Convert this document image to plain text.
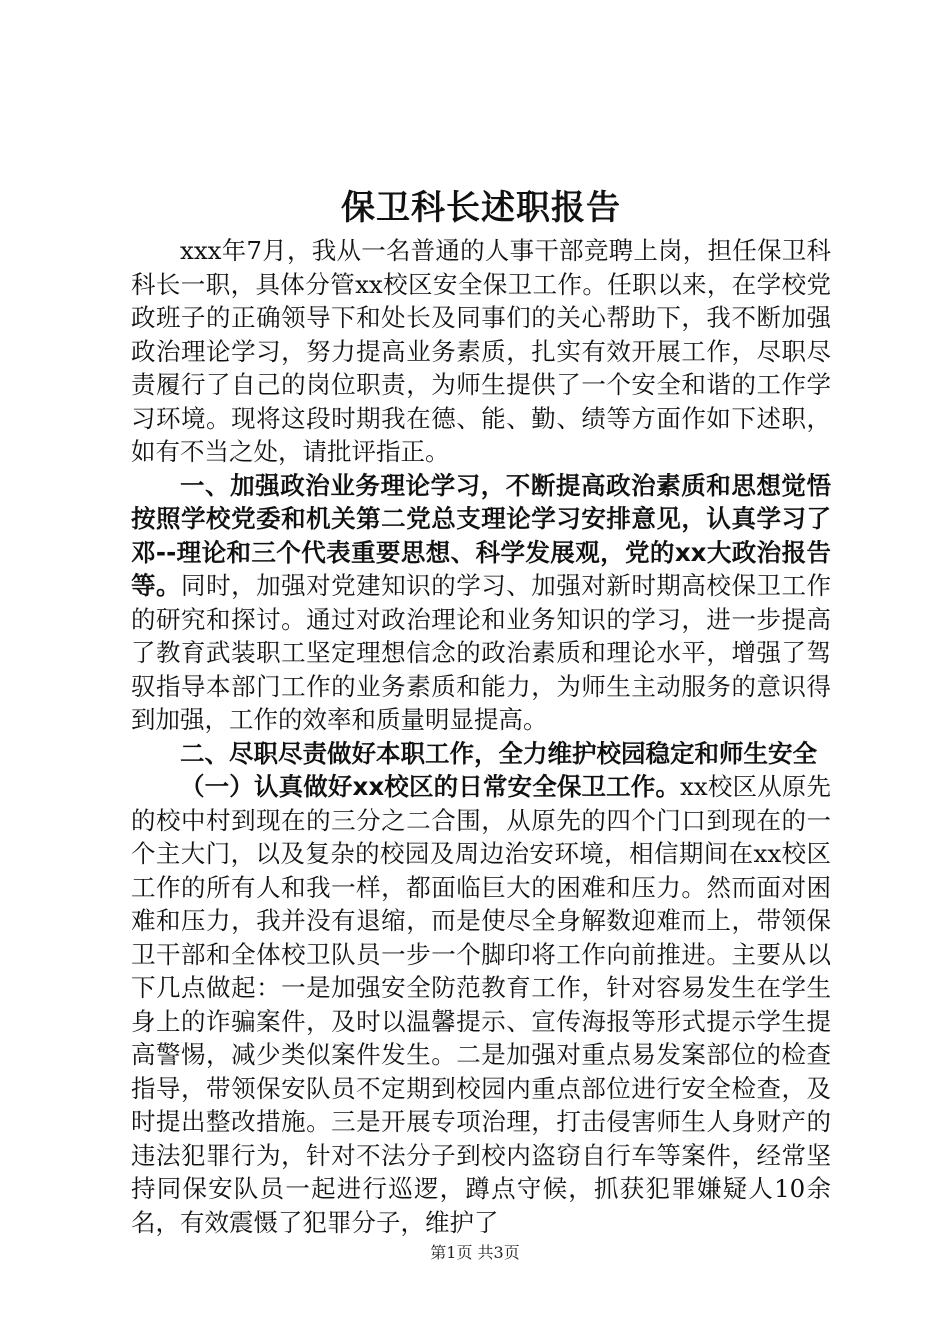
保卫科长述职报告

xxx年7月，我从一名普通的人事干部竞聘上岗，担任保卫科科长一职，具体分管xx校区安全保卫工作。任职以来，在学校党政班子的正确领导下和处长及同事们的关心帮助下，我不断加强政治理论学习，努力提高业务素质，扎实有效开展工作，尽职尽责履行了自己的岗位职责，为师生提供了一个安全和谐的工作学习环境。现将这段时期我在德、能、勤、绩等方面作如下述职，如有不当之处，请批评指正。

一、加强政治业务理论学习，不断提高政治素质和思想觉悟按照学校党委和机关第二党总支理论学习安排意见，认真学习了邓--理论和三个代表重要思想、科学发展观，党的xx大政治报告等。同时，加强对党建知识的学习、加强对新时期高校保卫工作的研究和探讨。通过对政治理论和业务知识的学习，进一步提高了教育武装职工坚定理想信念的政治素质和理论水平，增强了驾驭指导本部门工作的业务素质和能力，为师生主动服务的意识得到加强，工作的效率和质量明显提高。

二、尽职尽责做好本职工作，全力维护校园稳定和师生安全

（一）认真做好xx校区的日常安全保卫工作。xx校区从原先的校中村到现在的三分之二合围，从原先的四个门口到现在的一个主大门，以及复杂的校园及周边治安环境，相信期间在xx校区工作的所有人和我一样，都面临巨大的困难和压力。然而面对困难和压力，我并没有退缩，而是使尽全身解数迎难而上，带领保卫干部和全体校卫队员一步一个脚印将工作向前推进。主要从以下几点做起：一是加强安全防范教育工作，针对容易发生在学生身上的诈骗案件，及时以温馨提示、宣传海报等形式提示学生提高警惕，减少类似案件发生。二是加强对重点易发案部位的检查指导，带领保安队员不定期到校园内重点部位进行安全检查，及时提出整改措施。三是开展专项治理，打击侵害师生人身财产的违法犯罪行为，针对不法分子到校内盗窃自行车等案件，经常坚持同保安队员一起进行巡逻，蹲点守候，抓获犯罪嫌疑人10余名，有效震慑了犯罪分子，维护了

第1页 共3页
